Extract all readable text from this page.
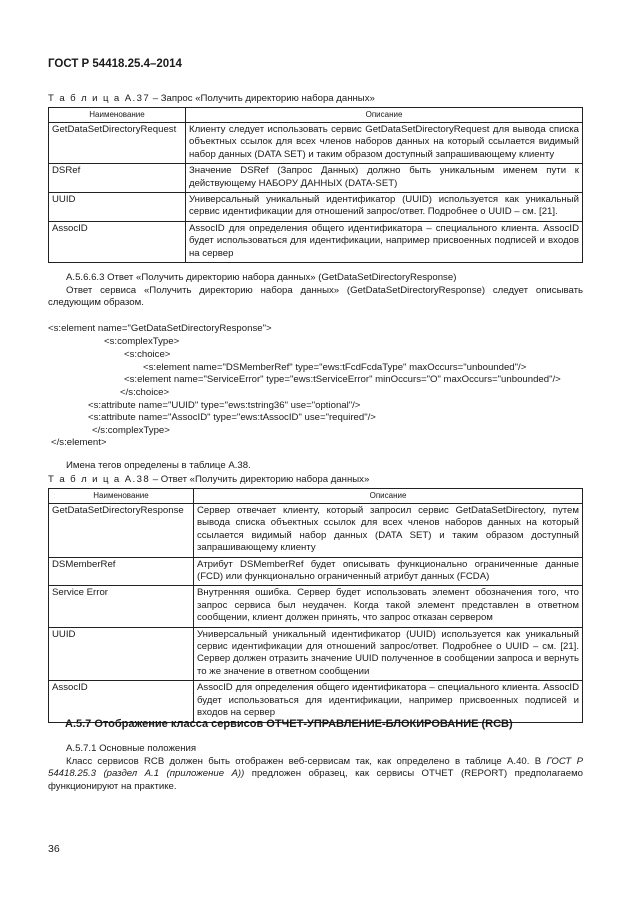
ГОСТ Р 54418.25.4–2014
Т а б л и ц а А.37 – Запрос «Получить директорию набора данных»
Наименование	Описание
GetDataSetDirectoryRequest	Клиенту следует использовать сервис GetDataSetDirectoryRequest для вывода списка объектных ссылок для всех членов наборов данных на который ссылается видимый набор данных (DATA SET) и таким образом доступный запрашивающему клиенту
DSRef	Значение DSRef (Запрос Данных) должно быть уникальным именем пути к действующему НАБОРУ ДАННЫХ (DATA-SET)
UUID	Универсальный уникальный идентификатор (UUID) используется как уникальный сервис идентификации для отношений запрос/ответ. Подробнее о UUID – см. [21].
AssocID	AssocID для определения общего идентификатора – специального клиента. AssocID будет использоваться для идентификации, например присвоенных подписей и входов на сервер
А.5.6.6.3 Ответ «Получить директорию набора данных» (GetDataSetDirectoryResponse)
Ответ сервиса «Получить директорию набора данных» (GetDataSetDirectoryResponse) следует описывать следующим образом.
<s:element name="GetDataSetDirectoryResponse">
<s:complexType>
<s:choice>
<s:element name="DSMemberRef" type="ews:tFcdFcdaType" maxOccurs="unbounded"/>
<s:element name="ServiceError" type="ews:tServiceError" minOccurs="O" maxOccurs="unbounded"/>
</s:choice>
<s:attribute name="UUID" type="ews:tstring36" use="optional"/>
<s:attribute name="AssocID" type="ews:tAssocID" use="required"/>
</s:complexType>
</s:element>
Имена тегов определены в таблице А.38.
Т а б л и ц а А.38 – Ответ «Получить директорию набора данных»
Наименование	Описание
GetDataSetDirectoryResponse	Сервер отвечает клиенту, который запросил сервис GetDataSetDirectory, путем вывода списка объектных ссылок для всех членов наборов данных на который ссылается видимый набор данных (DATA SET) и таким образом доступный запрашивающему клиенту
DSMemberRef	Атрибут DSMemberRef будет описывать функционально ограниченные данные (FCD) или функционально ограниченный атрибут данных (FCDA)
Service Error	Внутренняя ошибка. Сервер будет использовать элемент обозначения того, что запрос сервиса был неудачен. Когда такой элемент представлен в ответном сообщении, клиент должен принять, что запрос отказан сервером
UUID	Универсальный уникальный идентификатор (UUID) используется как уникальный сервис идентификации для отношений запрос/ответ. Подробнее о UUID – см. [21]. Сервер должен отразить значение UUID полученное в сообщении запроса и вернуть то же значение в ответном сообщении
AssocID	AssocID для определения общего идентификатора – специального клиента. AssocID будет использоваться для идентификации, например присвоенных подписей и входов на сервер
А.5.7 Отображение класса сервисов ОТЧЕТ-УПРАВЛЕНИЕ-БЛОКИРОВАНИЕ (RCB)
А.5.7.1 Основные положения
Класс сервисов RCB должен быть отображен веб-сервисам так, как определено в таблице А.40. В ГОСТ Р 54418.25.3 (раздел А.1 (приложение А)) предложен образец, как сервисы ОТЧЕТ (REPORT) предполагаемо функционируют на практике.
36
